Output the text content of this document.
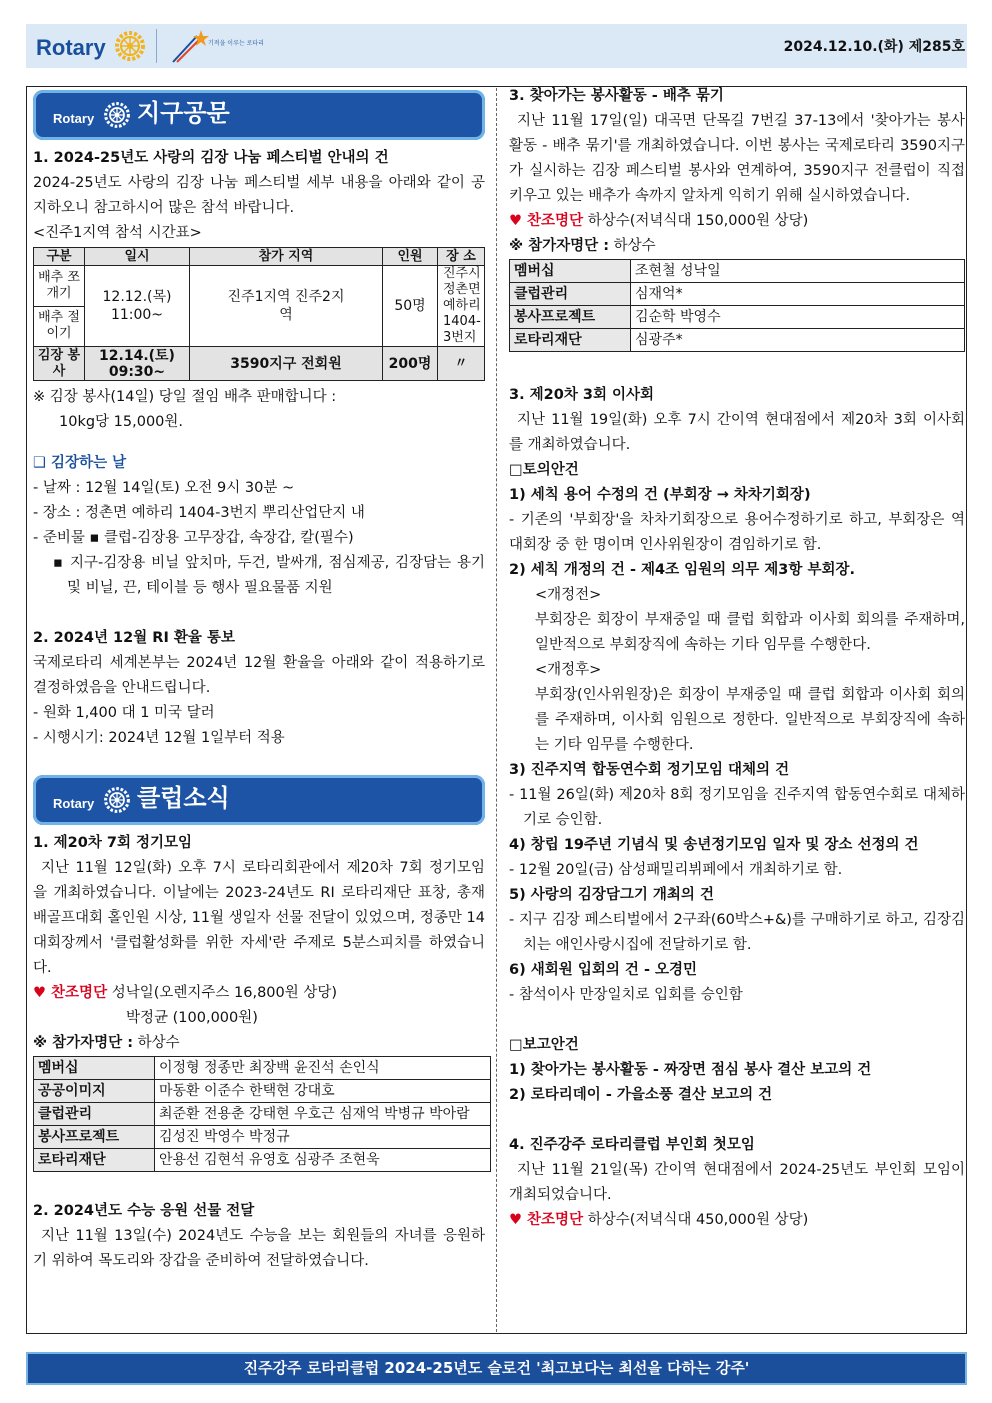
Rotary	기적을 이루는 로타리	2024.12.10.(화) 제285호
Rotary 지구공문

1. 2024-25년도 사랑의 김장 나눔 페스티벌 안내의 건

2024-25년도 사랑의 김장 나눔 페스티벌 세부 내용을 아래와 같이 공지하오니 참고하시어 많은 참석 바랍니다.

<진주1지역 참석 시간표>

구분	일시	참가 지역	인원	장 소
배추 쪼개기	12.12.(목) 11:00~	진주1지역 진주2지역	50명	진주시 정촌면 예하리 1404-3번지
배추 절이기				
김장 봉사	12.14.(토) 09:30~	3590지구 전회원	200명	〃

※ 김장 봉사(14일) 당일 절임 배추 판매합니다 :

10kg당 15,000원.

❑ 김장하는 날

- 날짜 : 12월 14일(토) 오전 9시 30분 ~

- 장소 : 정촌면 예하리 1404-3번지 뿌리산업단지 내

- 준비물 ▪ 클럽-김장용 고무장갑, 속장갑, 칼(필수)

▪ 지구-김장용 비닐 앞치마, 두건, 발싸개, 점심제공, 김장담는 용기 및 비닐, 끈, 테이블 등 행사 필요물품 지원

2. 2024년 12월 RI 환율 통보

국제로타리 세계본부는 2024년 12월 환율을 아래와 같이 적용하기로 결정하였음을 안내드립니다.

- 원화 1,400 대 1 미국 달러

- 시행시기: 2024년 12월 1일부터 적용

Rotary 클럽소식

1. 제20차 7회 정기모임

지난 11월 12일(화) 오후 7시 로타리회관에서 제20차 7회 정기모임을 개최하였습니다. 이날에는 2023-24년도 RI 로타리재단 표창, 총재배골프대회 홀인원 시상, 11월 생일자 선물 전달이 있었으며, 정종만 14대회장께서 '클럽활성화를 위한 자세'란 주제로 5분스피치를 하였습니다.

♥ 찬조명단 성낙일(오렌지주스 16,800원 상당)

박정균 (100,000원)

※ 참가자명단 : 하상수

멤버십	이정형 정종만 최장백 윤진석 손인식
공공이미지	마동환 이준수 한택현 강대호
클럽관리	최준환 전용춘 강태현 우호근 심재억 박병규 박아람
봉사프로젝트	김성진 박영수 박정규
로타리재단	안용선 김현석 유영호 심광주 조현욱

2. 2024년도 수능 응원 선물 전달

지난 11월 13일(수) 2024년도 수능을 보는 회원들의 자녀를 응원하기 위하여 목도리와 장갑을 준비하여 전달하였습니다.

3. 찾아가는 봉사활동 - 배추 묶기

지난 11월 17일(일) 대곡면 단목길 7번길 37-13에서 '찾아가는 봉사활동 - 배추 묶기'를 개최하였습니다. 이번 봉사는 국제로타리 3590지구가 실시하는 김장 페스티벌 봉사와 연계하여, 3590지구 전클럽이 직접 키우고 있는 배추가 속까지 알차게 익히기 위해 실시하였습니다.

♥ 찬조명단 하상수(저녁식대 150,000원 상당)

※ 참가자명단 : 하상수

멤버십	조현철 성낙일
클럽관리	심재억*
봉사프로젝트	김순학 박영수
로타리재단	심광주*

3. 제20차 3회 이사회

지난 11월 19일(화) 오후 7시 간이역 현대점에서 제20차 3회 이사회를 개최하였습니다.

□토의안건

1) 세칙 용어 수정의 건 (부회장 → 차차기회장)

- 기존의 '부회장'을 차차기회장으로 용어수정하기로 하고, 부회장은 역대회장 중 한 명이며 인사위원장이 겸임하기로 함.

2) 세칙 개정의 건 - 제4조 임원의 의무 제3항 부회장.

<개정전>

부회장은 회장이 부재중일 때 클럽 회합과 이사회 회의를 주재하며, 일반적으로 부회장직에 속하는 기타 임무를 수행한다.

<개정후>

부회장(인사위원장)은 회장이 부재중일 때 클럽 회합과 이사회 회의를 주재하며, 이사회 임원으로 정한다. 일반적으로 부회장직에 속하는 기타 임무를 수행한다.

3) 진주지역 합동연수회 정기모임 대체의 건

- 11월 26일(화) 제20차 8회 정기모임을 진주지역 합동연수회로 대체하기로 승인함.

4) 창립 19주년 기념식 및 송년정기모임 일자 및 장소 선정의 건

- 12월 20일(금) 삼성패밀리뷔페에서 개최하기로 함.

5) 사랑의 김장담그기 개최의 건

- 지구 김장 페스티벌에서 2구좌(60박스+&)를 구매하기로 하고, 김장김치는 애인사랑시집에 전달하기로 함.

6) 새회원 입회의 건 - 오경민

- 참석이사 만장일치로 입회를 승인함

□보고안건

1) 찾아가는 봉사활동 - 짜장면 점심 봉사 결산 보고의 건

2) 로타리데이 - 가을소풍 결산 보고의 건

4. 진주강주 로타리클럽 부인회 첫모임

지난 11월 21일(목) 간이역 현대점에서 2024-25년도 부인회 모임이 개최되었습니다.

♥ 찬조명단 하상수(저녁식대 450,000원 상당)

진주강주 로타리클럽 2024-25년도 슬로건 '최고보다는 최선을 다하는 강주'
